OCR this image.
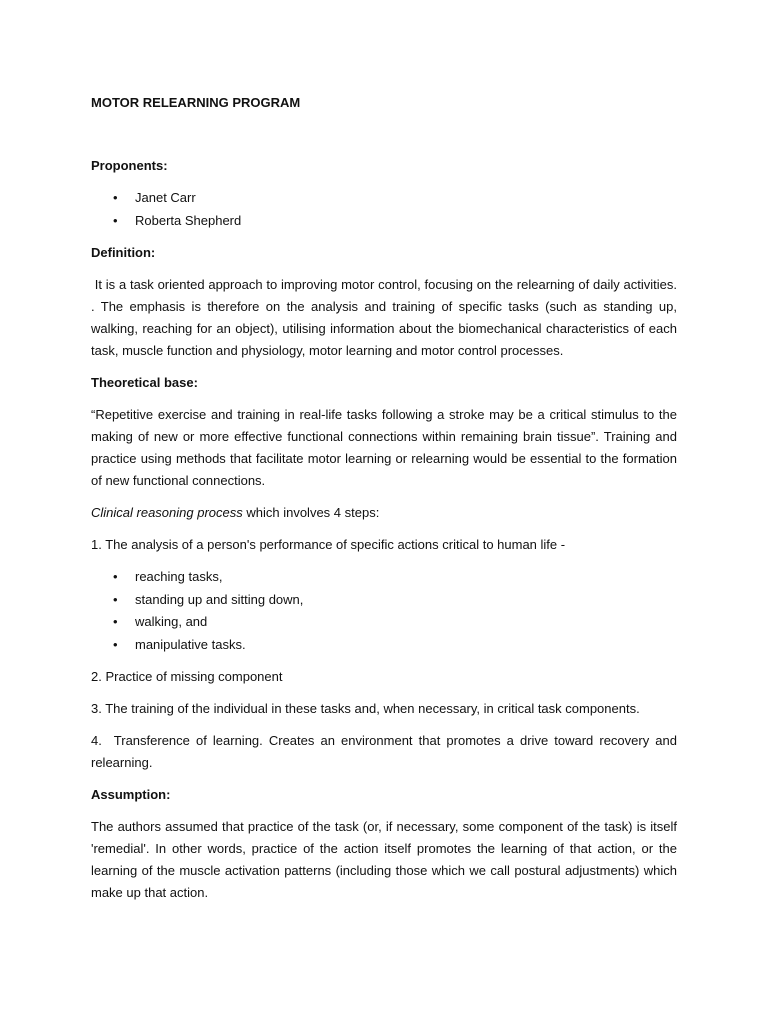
MOTOR RELEARNING PROGRAM
Proponents:
• Janet Carr
• Roberta Shepherd
Definition:

It is a task oriented approach to improving motor control, focusing on the relearning of daily activities. . The emphasis is therefore on the analysis and training of specific tasks (such as standing up, walking, reaching for an object), utilising information about the biomechanical characteristics of each task, muscle function and physiology, motor learning and motor control processes.

Theoretical base:

“Repetitive exercise and training in real-life tasks following a stroke may be a critical stimulus to the making of new or more effective functional connections within remaining brain tissue”. Training and practice using methods that facilitate motor learning or relearning would be essential to the formation of new functional connections.

Clinical reasoning process which involves 4 steps:

1. The analysis of a person's performance of specific actions critical to human life -

• reaching tasks,
• standing up and sitting down,
• walking, and
• manipulative tasks.

2. Practice of missing component

3. The training of the individual in these tasks and, when necessary, in critical task components.

4.  Transference of learning. Creates an environment that promotes a drive toward recovery and relearning.

Assumption:

The authors assumed that practice of the task (or, if necessary, some component of the task) is itself 'remedial'. In other words, practice of the action itself promotes the learning of that action, or the learning of the muscle activation patterns (including those which we call postural adjustments) which make up that action.
